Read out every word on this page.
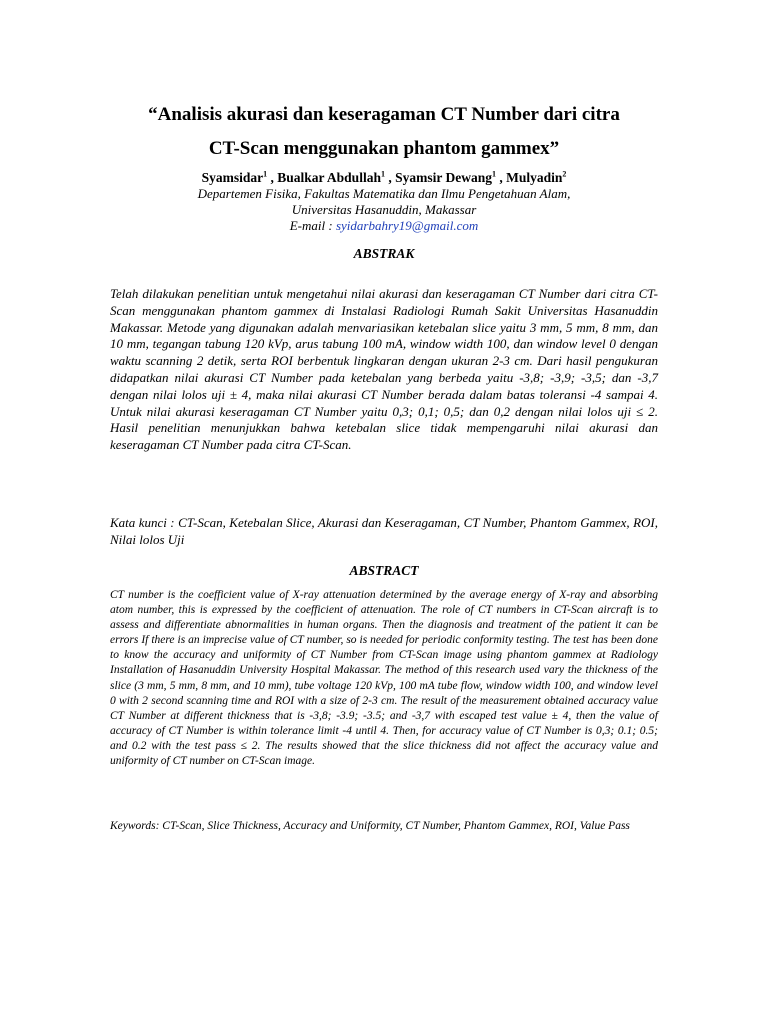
“Analisis akurasi dan keseragaman CT Number dari citra
CT-Scan menggunakan phantom gammex”
Syamsidar$^1$ , Bualkar Abdullah$^1$ , Syamsir Dewang$^1$ , Mulyadin$^2$
Departemen Fisika, Fakultas Matematika dan Ilmu Pengetahuan Alam,
Universitas Hasanuddin, Makassar
E-mail : syidarbahry19@gmail.com
ABSTRAK
Telah dilakukan penelitian untuk mengetahui nilai akurasi dan keseragaman CT Number dari citra CT-Scan menggunakan phantom gammex di Instalasi Radiologi Rumah Sakit Universitas Hasanuddin Makassar. Metode yang digunakan adalah menvariasikan ketebalan slice yaitu 3 mm, 5 mm, 8 mm, dan 10 mm, tegangan tabung 120 kVp, arus tabung 100 mA, window width 100, dan window level 0 dengan waktu scanning 2 detik, serta ROI berbentuk lingkaran dengan ukuran 2-3 cm. Dari hasil pengukuran didapatkan nilai akurasi CT Number pada ketebalan yang berbeda yaitu -3,8; -3,9; -3,5; dan -3,7 dengan nilai lolos uji ± 4, maka nilai akurasi CT Number berada dalam batas toleransi -4 sampai 4. Untuk nilai akurasi keseragaman CT Number yaitu 0,3; 0,1; 0,5; dan 0,2 dengan nilai lolos uji ≤ 2. Hasil penelitian menunjukkan bahwa ketebalan slice tidak mempengaruhi nilai akurasi dan keseragaman CT Number pada citra CT-Scan.
Kata kunci : CT-Scan, Ketebalan Slice, Akurasi dan Keseragaman, CT Number, Phantom Gammex, ROI, Nilai lolos Uji
ABSTRACT
CT number is the coefficient value of X-ray attenuation determined by the average energy of X-ray and absorbing atom number, this is expressed by the coefficient of attenuation. The role of CT numbers in CT-Scan aircraft is to assess and differentiate abnormalities in human organs. Then the diagnosis and treatment of the patient it can be errors If there is an imprecise value of CT number, so is needed for periodic conformity testing. The test has been done to know the accuracy and uniformity of CT Number from CT-Scan image using phantom gammex at Radiology Installation of Hasanuddin University Hospital Makassar. The method of this research used vary the thickness of the slice (3 mm, 5 mm, 8 mm, and 10 mm), tube voltage 120 kVp, 100 mA tube flow, window width 100, and window level 0 with 2 second scanning time and ROI with a size of 2-3 cm. The result of the measurement obtained accuracy value CT Number at different thickness that is -3,8; -3.9; -3.5; and -3,7 with escaped test value ± 4, then the value of accuracy of CT Number is within tolerance limit -4 until 4. Then, for accuracy value of CT Number is 0,3; 0.1; 0.5; and 0.2 with the test pass ≤ 2. The results showed that the slice thickness did not affect the accuracy value and uniformity of CT number on CT-Scan image.
Keywords: CT-Scan, Slice Thickness, Accuracy and Uniformity, CT Number, Phantom Gammex, ROI, Value Pass
